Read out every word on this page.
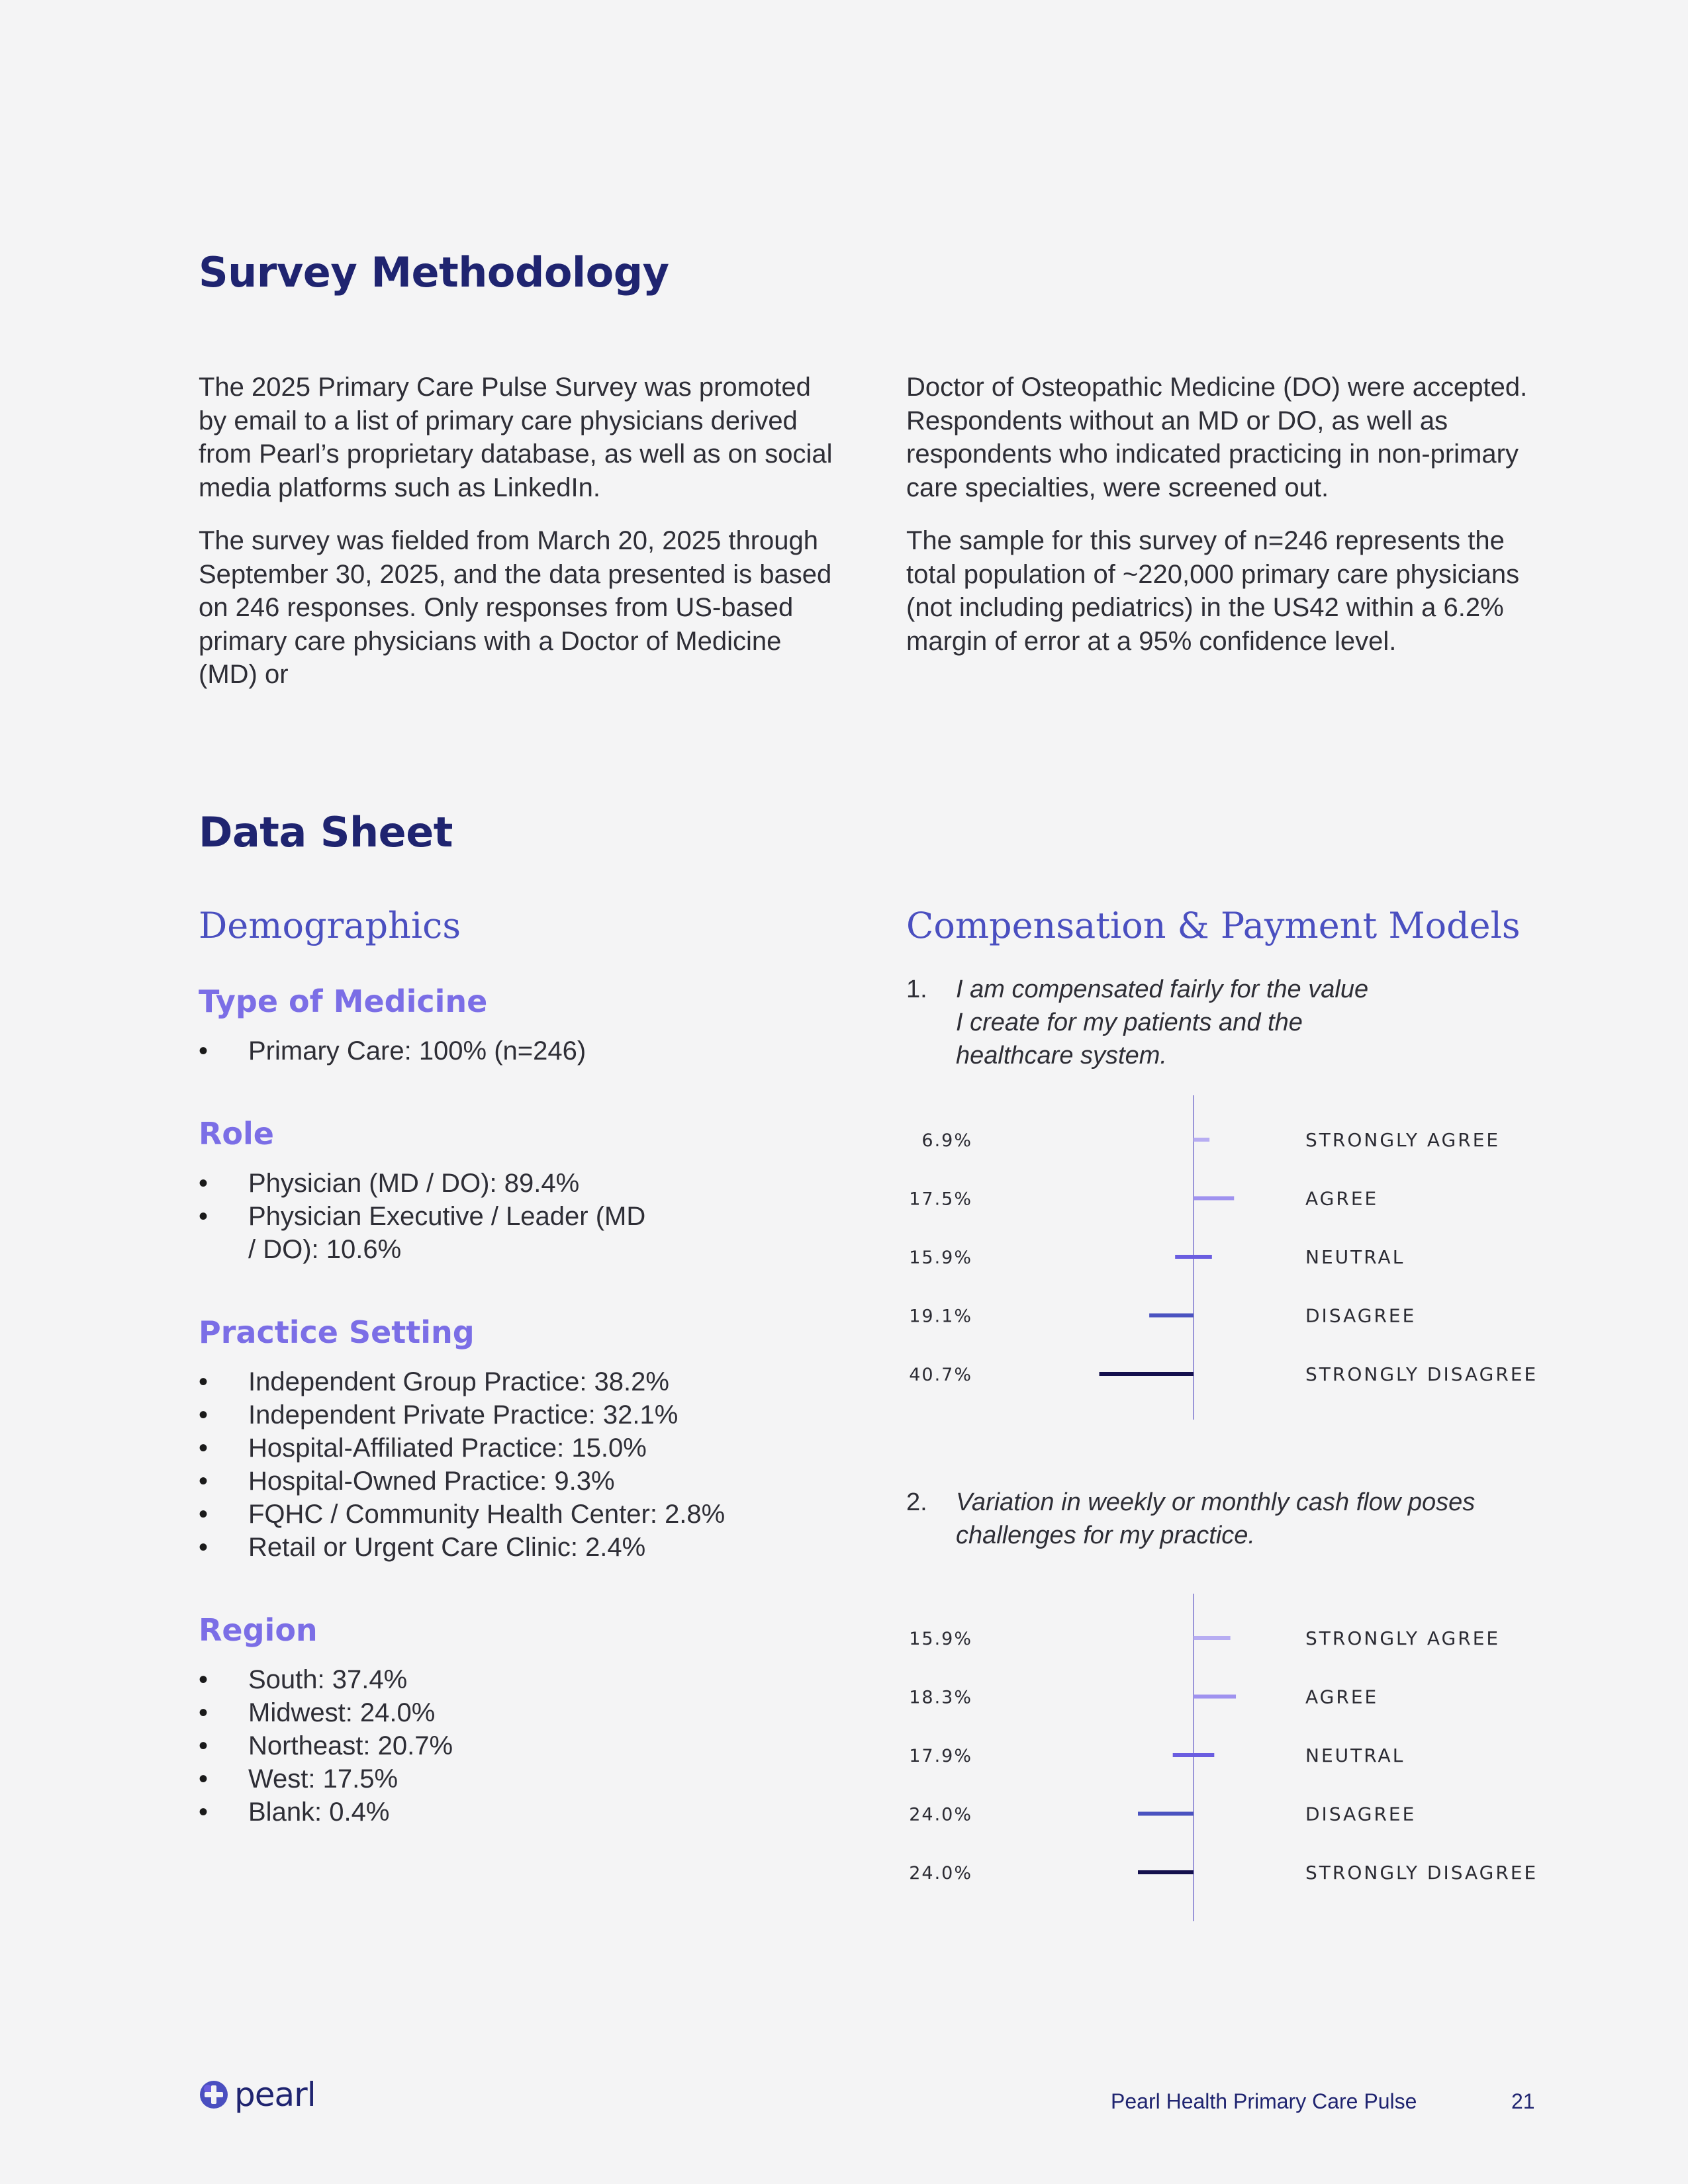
Survey Methodology

The 2025 Primary Care Pulse Survey was promoted by email to a list of primary care physicians derived from Pearl’s proprietary database, as well as on social media platforms such as LinkedIn.

The survey was fielded from March 20, 2025 through September 30, 2025, and the data presented is based on 246 responses. Only responses from US-based primary care physicians with a Doctor of Medicine (MD) or

Doctor of Osteopathic Medicine (DO) were accepted. Respondents without an MD or DO, as well as respondents who indicated practicing in non-primary care specialties, were screened out.

The sample for this survey of n=246 represents the total population of ~220,000 primary care physicians (not including pediatrics) in the US42 within a 6.2% margin of error at a 95% confidence level.

Data Sheet
Demographics
Type of Medicine
• Primary Care: 100% (n=246)
Role
• Physician (MD / DO): 89.4%
• Physician Executive / Leader (MD / DO): 10.6%
Practice Setting
• Independent Group Practice: 38.2%
• Independent Private Practice: 32.1%
• Hospital-Affiliated Practice: 15.0%
• Hospital-Owned Practice: 9.3%
• FQHC / Community Health Center: 2.8%
• Retail or Urgent Care Clinic: 2.4%
Region
• South: 37.4%
• Midwest: 24.0%
• Northeast: 20.7%
• West: 17.5%
• Blank: 0.4%
Compensation & Payment Models
1. I am compensated fairly for the value
I create for my patients and the
healthcare system.
6.9%	STRONGLY AGREE
17.5%	AGREE
15.9%	NEUTRAL
19.1%	DISAGREE
40.7%	STRONGLY DISAGREE
2. Variation in weekly or monthly cash flow poses
challenges for my practice.
15.9%	STRONGLY AGREE
18.3%	AGREE
17.9%	NEUTRAL
24.0%	DISAGREE
24.0%	STRONGLY DISAGREE
pearl	Pearl Health Primary Care Pulse	21
